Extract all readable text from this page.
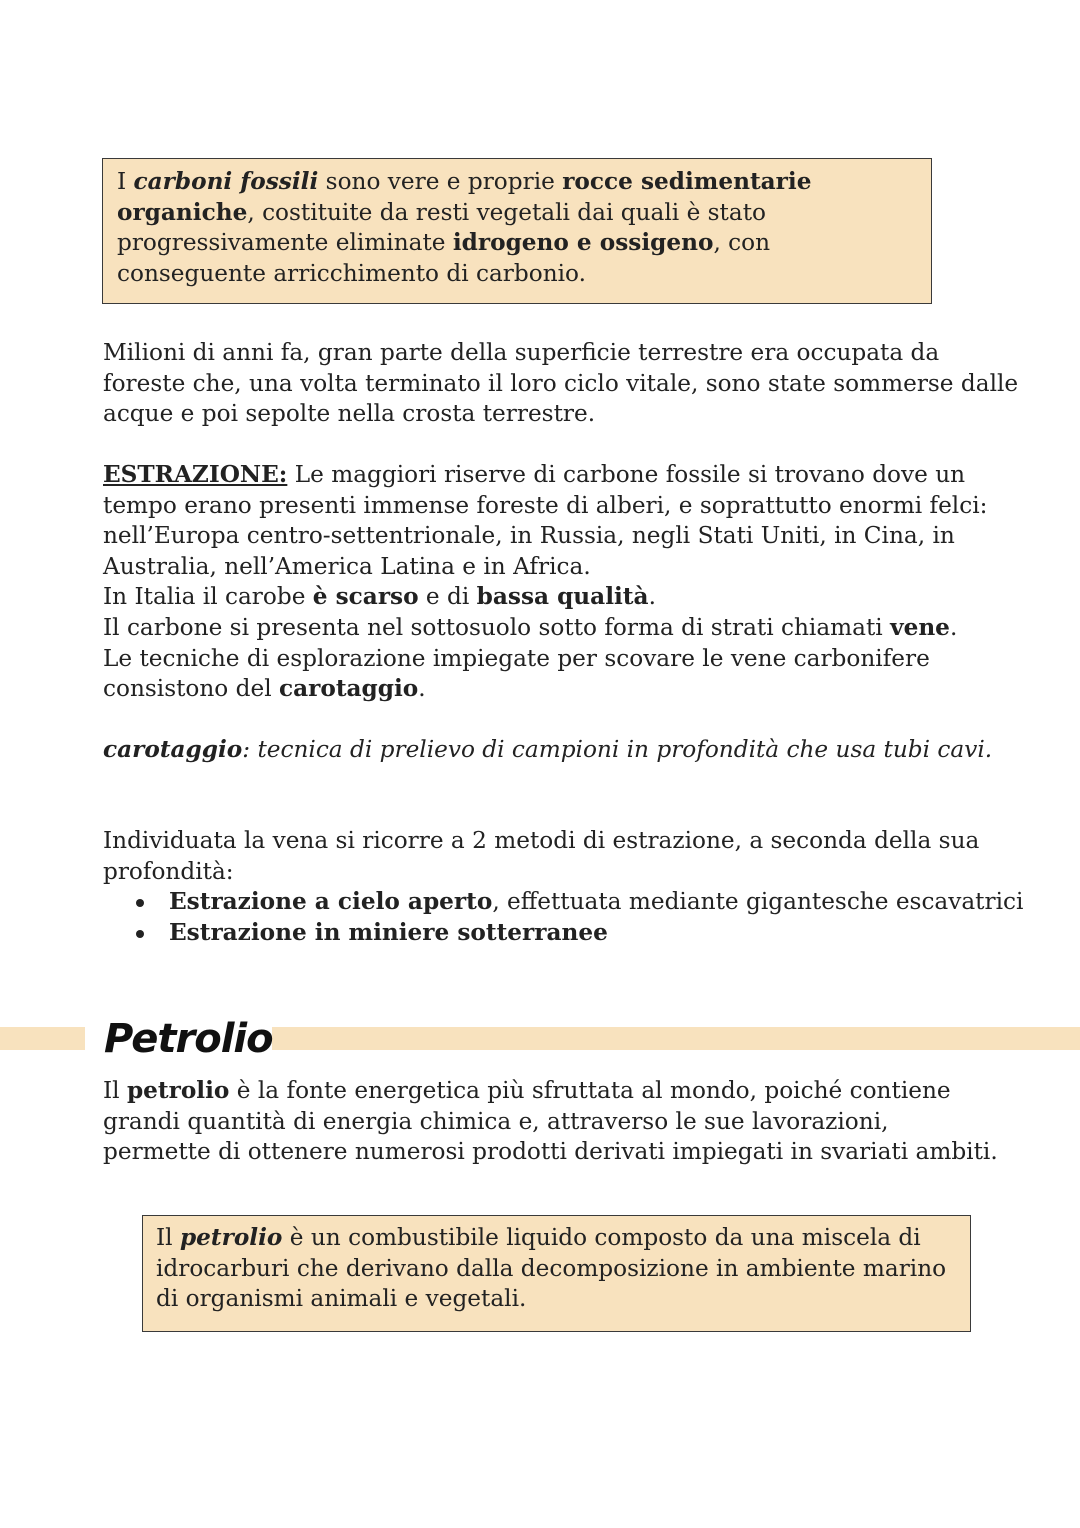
I carboni fossili sono vere e proprie rocce sedimentarie organiche, costituite da resti vegetali dai quali è stato progressivamente eliminate idrogeno e ossigeno, con conseguente arricchimento di carbonio.

Milioni di anni fa, gran parte della superficie terrestre era occupata da foreste che, una volta terminato il loro ciclo vitale, sono state sommerse dalle acque e poi sepolte nella crosta terrestre.

ESTRAZIONE: Le maggiori riserve di carbone fossile si trovano dove un tempo erano presenti immense foreste di alberi, e soprattutto enormi felci: nell’Europa centro-settentrionale, in Russia, negli Stati Uniti, in Cina, in Australia, nell’America Latina e in Africa.

In Italia il carobe è scarso e di bassa qualità.

Il carbone si presenta nel sottosuolo sotto forma di strati chiamati vene.

Le tecniche di esplorazione impiegate per scovare le vene carbonifere consistono del carotaggio.

carotaggio: tecnica di prelievo di campioni in profondità che usa tubi cavi.

Individuata la vena si ricorre a 2 metodi di estrazione, a seconda della sua profondità:

Estrazione a cielo aperto, effettuata mediante gigantesche escavatrici
Estrazione in miniere sotterranee
Petrolio

Il petrolio è la fonte energetica più sfruttata al mondo, poiché contiene grandi quantità di energia chimica e, attraverso le sue lavorazioni, permette di ottenere numerosi prodotti derivati impiegati in svariati ambiti.

Il petrolio è un combustibile liquido composto da una miscela di idrocarburi che derivano dalla decomposizione in ambiente marino di organismi animali e vegetali.
